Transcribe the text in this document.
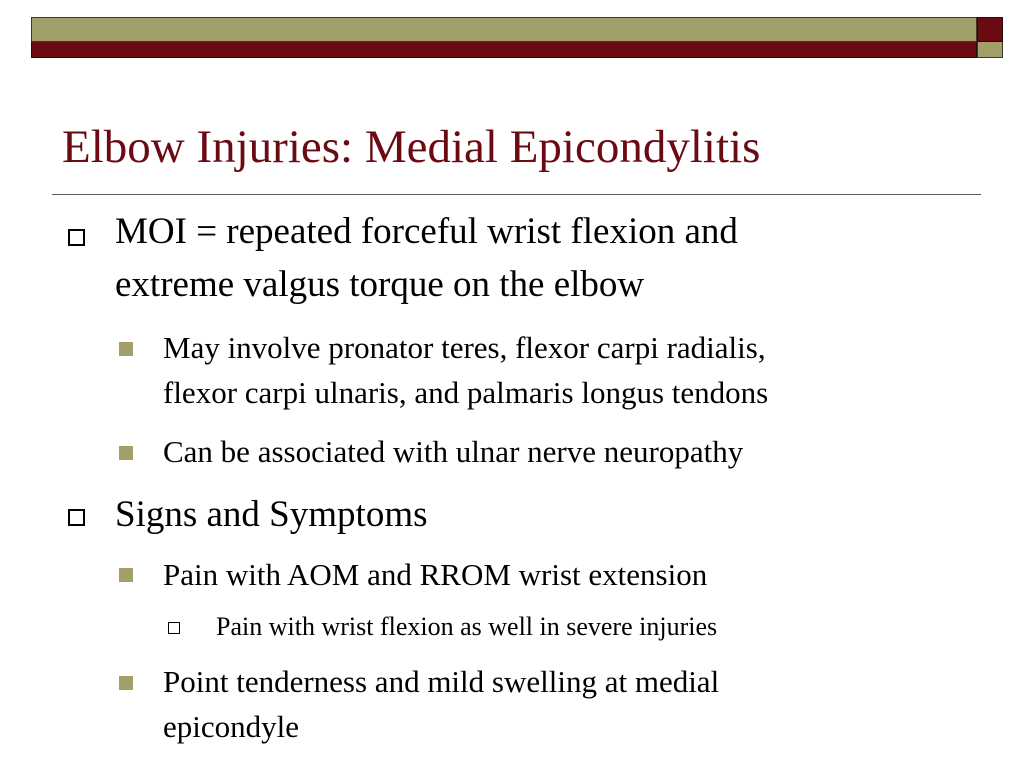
Elbow Injuries: Medial Epicondylitis

MOI = repeated forceful wrist flexion and
extreme valgus torque on the elbow

May involve pronator teres, flexor carpi radialis,
flexor carpi ulnaris, and palmaris longus tendons

Can be associated with ulnar nerve neuropathy

Signs and Symptoms

Pain with AOM and RROM wrist extension

Pain with wrist flexion as well in severe injuries

Point tenderness and mild swelling at medial
epicondyle
